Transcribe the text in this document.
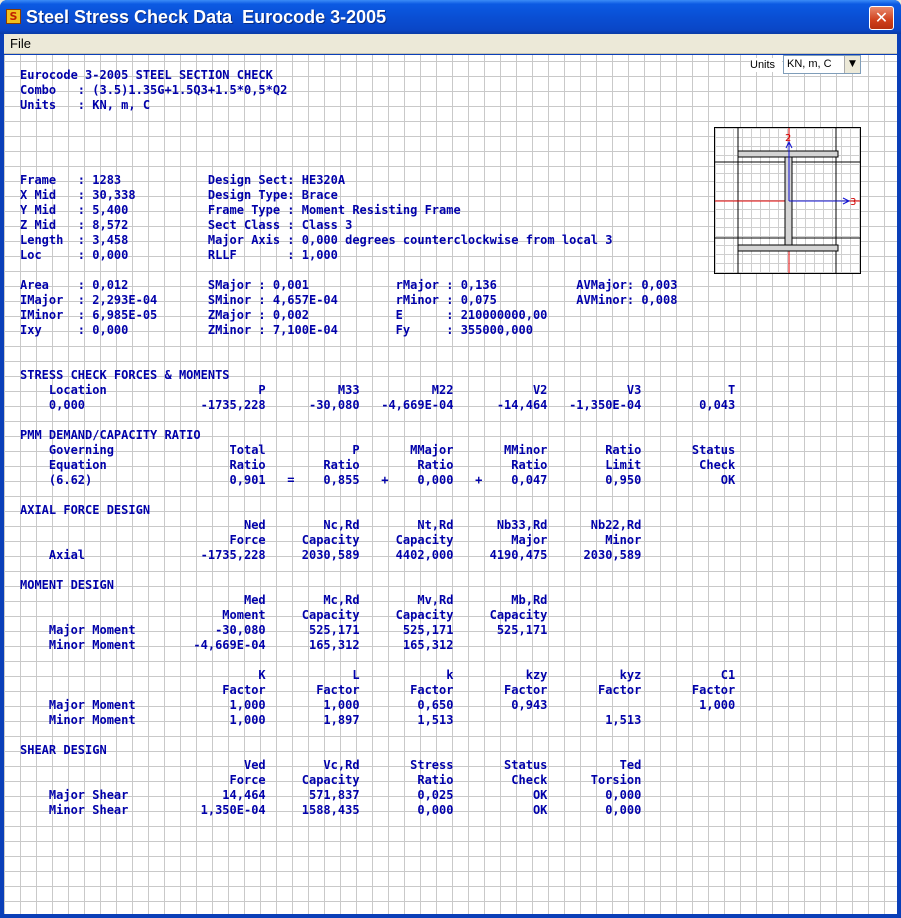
S Steel Stress Check Data  Eurocode 3-2005	✕
File
Units	KN, m, C	▼
Eurocode 3-2005 STEEL SECTION CHECK
Combo   : (3.5)1.35G+1.5Q3+1.5*0,5*Q2
Units   : KN, m, C
Frame   : 1283            Design Sect: HE320A
X Mid   : 30,338          Design Type: Brace
Y Mid   : 5,400           Frame Type : Moment Resisting Frame
Z Mid   : 8,572           Sect Class : Class 3
Length  : 3,458           Major Axis : 0,000 degrees counterclockwise from local 3
Loc     : 0,000           RLLF       : 1,000
Area    : 0,012           SMajor : 0,001            rMajor : 0,136           AVMajor: 0,003
IMajor  : 2,293E-04       SMinor : 4,657E-04        rMinor : 0,075           AVMinor: 0,008
IMinor  : 6,985E-05       ZMajor : 0,002            E      : 210000000,00
Ixy     : 0,000           ZMinor : 7,100E-04        Fy     : 355000,000
STRESS CHECK FORCES & MOMENTS
Location                     P          M33          M22           V2           V3            T
0,000                -1735,228      -30,080   -4,669E-04      -14,464   -1,350E-04        0,043
PMM DEMAND/CAPACITY RATIO
Governing                Total            P       MMajor       MMinor        Ratio       Status
Equation                 Ratio        Ratio        Ratio        Ratio        Limit        Check
(6.62)                   0,901   =    0,855   +    0,000   +    0,047        0,950           OK
AXIAL FORCE DESIGN
Ned        Nc,Rd        Nt,Rd      Nb33,Rd      Nb22,Rd
Force     Capacity     Capacity        Major        Minor
Axial                -1735,228     2030,589     4402,000     4190,475     2030,589
MOMENT DESIGN
Med        Mc,Rd        Mv,Rd        Mb,Rd
Moment     Capacity     Capacity     Capacity
Major Moment           -30,080      525,171      525,171      525,171
Minor Moment        -4,669E-04      165,312      165,312
K            L            k          kzy          kyz           C1
Factor       Factor       Factor       Factor       Factor       Factor
Major Moment             1,000        1,000        0,650        0,943                     1,000
Minor Moment             1,000        1,897        1,513                     1,513
SHEAR DESIGN
Ved        Vc,Rd       Stress       Status          Ted
Force     Capacity        Ratio        Check      Torsion
Major Shear             14,464      571,837        0,025           OK        0,000
Minor Shear          1,350E-04     1588,435        0,000           OK        0,000
2
3
